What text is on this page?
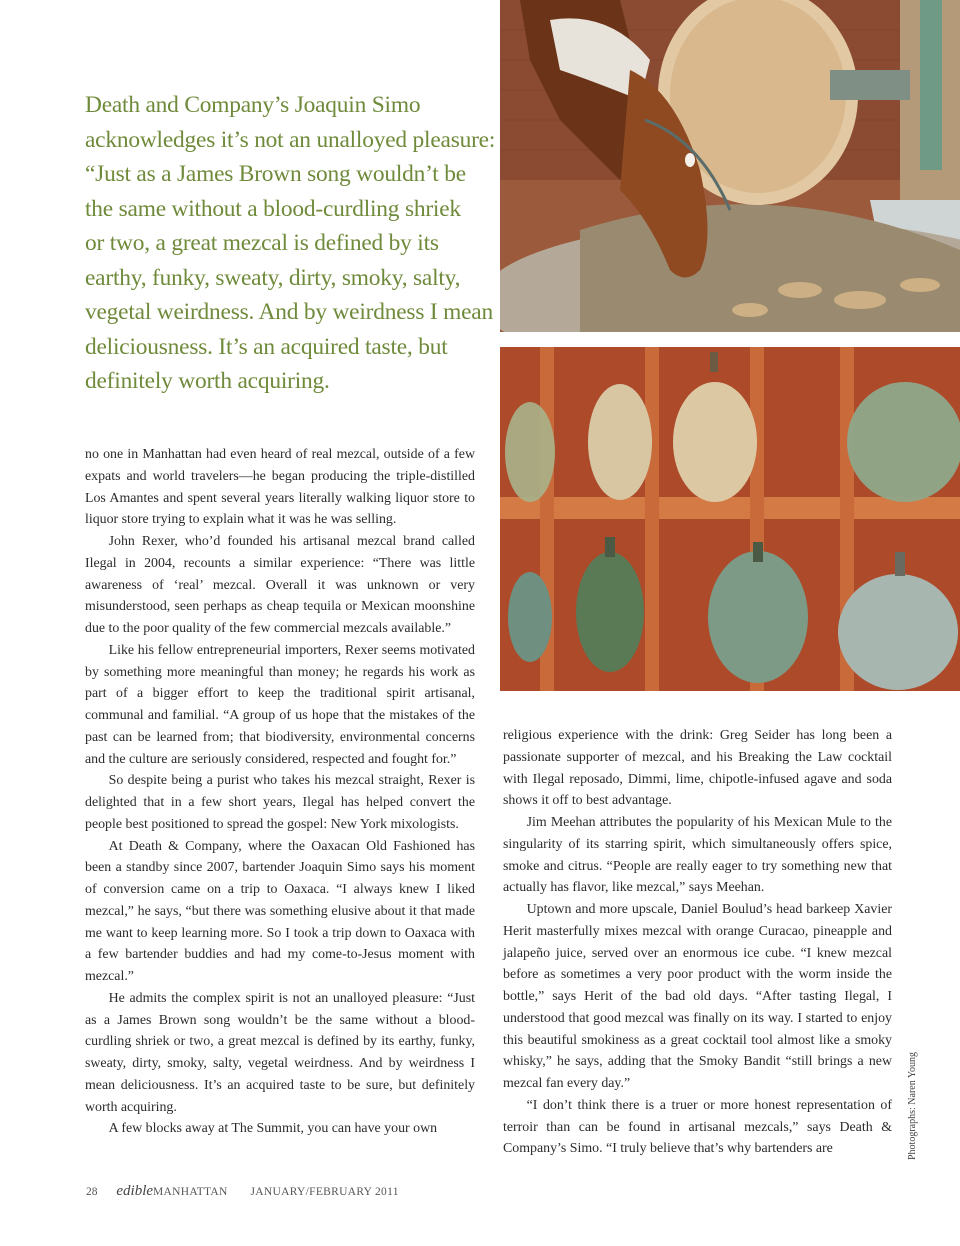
Death and Company’s Joaquin Simo
acknowledges it’s not an unalloyed pleasure:
“Just as a James Brown song wouldn’t be
the same without a blood-curdling shriek
or two, a great mezcal is defined by its
earthy, funky, sweaty, dirty, smoky, salty,
vegetal weirdness. And by weirdness I mean
deliciousness. It’s an acquired taste, but
definitely worth acquiring.

no one in Manhattan had even heard of real mezcal, outside of a few expats and world travelers—he began producing the triple-distilled Los Amantes and spent several years literally walking liquor store to liquor store trying to explain what it was he was selling.

John Rexer, who’d founded his artisanal mezcal brand called Ilegal in 2004, recounts a similar experience: “There was little awareness of ‘real’ mezcal. Overall it was unknown or very misunderstood, seen perhaps as cheap tequila or Mexican moonshine due to the poor quality of the few commercial mezcals available.”

Like his fellow entrepreneurial importers, Rexer seems motivated by something more meaningful than money; he regards his work as part of a bigger effort to keep the traditional spirit artisanal, communal and familial. “A group of us hope that the mistakes of the past can be learned from; that biodiversity, environmental concerns and the culture are seriously considered, respected and fought for.”

So despite being a purist who takes his mezcal straight, Rexer is delighted that in a few short years, Ilegal has helped convert the people best positioned to spread the gospel: New York mixologists.

At Death & Company, where the Oaxacan Old Fashioned has been a standby since 2007, bartender Joaquin Simo says his moment of conversion came on a trip to Oaxaca. “I always knew I liked mezcal,” he says, “but there was something elusive about it that made me want to keep learning more. So I took a trip down to Oaxaca with a few bartender buddies and had my come-to-Jesus moment with mezcal.”

He admits the complex spirit is not an unalloyed pleasure: “Just as a James Brown song wouldn’t be the same without a blood-curdling shriek or two, a great mezcal is defined by its earthy, funky, sweaty, dirty, smoky, salty, vegetal weirdness. And by weirdness I mean deliciousness. It’s an acquired taste to be sure, but definitely worth acquiring.

A few blocks away at The Summit, you can have your own

religious experience with the drink: Greg Seider has long been a passionate supporter of mezcal, and his Breaking the Law cocktail with Ilegal reposado, Dimmi, lime, chipotle-infused agave and soda shows it off to best advantage.

Jim Meehan attributes the popularity of his Mexican Mule to the singularity of its starring spirit, which simultaneously offers spice, smoke and citrus. “People are really eager to try something new that actually has flavor, like mezcal,” says Meehan.

Uptown and more upscale, Daniel Boulud’s head barkeep Xavier Herit masterfully mixes mezcal with orange Curacao, pineapple and jalapeño juice, served over an enormous ice cube. “I knew mezcal before as sometimes a very poor product with the worm inside the bottle,” says Herit of the bad old days. “After tasting Ilegal, I understood that good mezcal was finally on its way. I started to enjoy this beautiful smokiness as a great cocktail tool almost like a smoky whisky,” he says, adding that the Smoky Bandit “still brings a new mezcal fan every day.”

“I don’t think there is a truer or more honest representation of terroir than can be found in artisanal mezcals,” says Death & Company’s Simo. “I truly believe that’s why bartenders are	Photographs: Naren Young
28 edibleMANHATTAN JANUARY/FEBRUARY 2011
